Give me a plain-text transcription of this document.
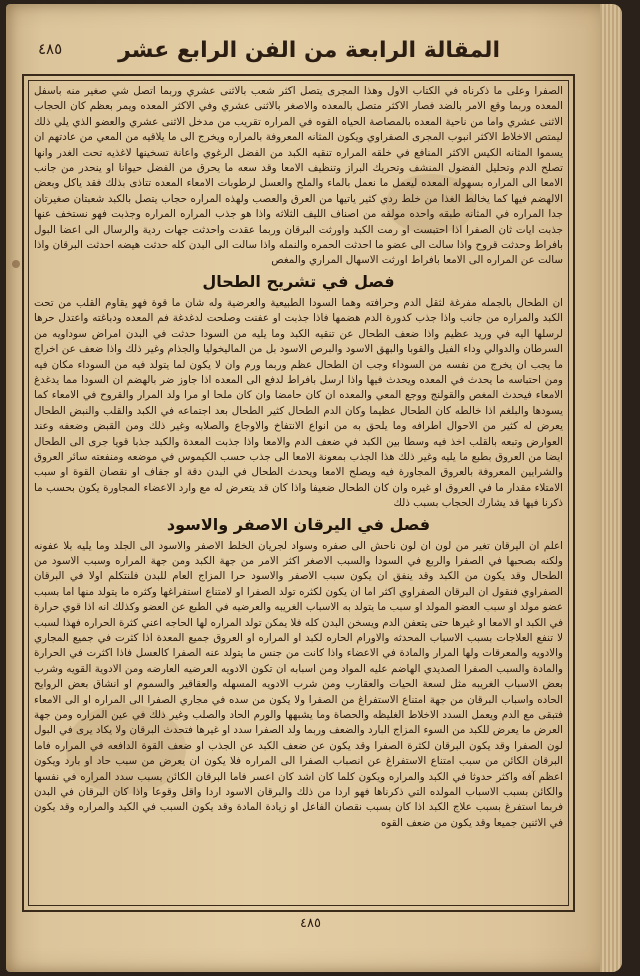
٤٨٥	المقالة الرابعة من الفن الرابع عشر

الصفرا وعلى ما ذكرناه في الكتاب الاول وهذا المجرى يتصل اكثر شعب بالاثنى عشري وربما اتصل شي صغير منه باسفل المعده وربما وقع الامر بالضد فصار الاكثر متصل بالمعده والاصغر بالاثنى عشري وفي الاكثر المعده ويمر بعظم كان الحجاب الاثنى عشري واما من ناحية المعده بالمصاصة الحياه القوه في المراره تقريب من مدخل الاثنى عشري والعضو الذي يلي ذلك ليمتص الاخلاط الاكثر انبوب المجرى الصفراوي ويكون المثانه المعروفة بالمراره ويخرج الى ما يلاقيه من المعي من عادتهم ان يسموا المثانه الكيس الاكثر المنافع في خلقه المراره تنقيه الكبد من الفضل الرغوي واعانة تسخينها لاغذيه تحت الغدر وانها تصلح الدم وتحليل الفضول المنشف وتحريك البراز وتنظيف الامعا وقد سعه ما يحرق من الفضل حيوانا او ينحدر من جانب الامعا الى المراره بسهوله المعده ليعمل ما نعمل بالماء والملح والعسل لرطوبات الامعاء المعده تتاذى بذلك فقد ياكل وبعض الالهضم فيها كما يخالط الغذا من خلط ردي كثير ياتيها من العرق والعصب ولهذه المراره حجاب يتصل بالكبد شعبتان صغيرتان جدا المراره في المثانه طبقه واحده مولفه من اصناف الليف الثلاثه واذا هو جذب المراره المراره وجذبت فهو نستخف عنها جذبت ايات ثان الصفرا اذا احتبست او رمت الكبد واورثت البرقان وربما عقدت واحدثت جهات ردية والرسال الى اعضا البول بافراط وحدثت قروح واذا سالت الى عضو ما احدثت الحمره والنمله واذا سالت الى البدن كله حدثت هيضه احدثت البرقان واذا سالت عن المراره الى الامعا بافراط اورثت الاسهال المراري والمغص

فصل في تشريح الطحال

ان الطحال بالجمله مفرغة لثقل الدم وحرافته وهما السودا الطبيعية والعرضية وله شان ما قوة فهو يقاوم القلب من تحت الكبد والمراره من جانب واذا جذب كدورة الدم هضمها فاذا جذبت او عفنت وصلحت لدغدغة فم المعده ودباغته واعتدل حرها لرسلها اليه في وريد عظيم واذا ضعف الطحال عن تنقيه الكبد وما يليه من السودا حدثت في البدن امراض سوداويه من السرطان والدوالي وداء الفيل والقوبا والبهق الاسود والبرص الاسود بل من الماليخوليا والجذام وغير ذلك واذا ضعف عن اخراج ما يجب ان يخرج من نفسه من السوداء وجب ان الطحال عظم وربما ورم وان لا يكون لما يتولد فيه من السوداء مكان فيه ومن احتباسه ما يحدث في المعده ويحدث فيها واذا ارسل بافراط لدفع الى المعده اذا جاوز ضر بالهضم ان السودا مما يدغدغ الامعاء فيحدث المغص والقولنج ووجع المعي والمعده ان كان حامضا وان كان ملحا او مرا ولد المرار والقروح في الامعاء كما يسودها والبلغم اذا خالطه كان الطحال عظيما وكان الدم الطحال كثير الطحال بعد اجتماعه في الكبد والقلب والنبض الطحال يعرض له كثير من الاحوال اطرافه وما يلحق به من انواع الانتفاخ والاوجاع والصلابه وغير ذلك ومن القبض وضعفه وعند العوارض وتبعه بالقلب اخذ فيه وسطا بين الكبد في ضعف الدم والامعا واذا جذبت المعدة والكبد جذبا قويا جرى الى الطحال ايضا من العروق بطبع ما يليه وغير ذلك هذا الجذب بمعونة الامعا الى جذب حسب الكيموس في موضعه ومنفعته سائر العروق والشرايين المعروفة بالعروق المجاورة فيه ويصلح الامعا ويحدث الطحال في البدن دقة او جفاف او نقصان القوة او سبب الامتلاء مقدار ما في العروق او غيره وان كان الطحال ضعيفا واذا كان قد يتعرض له مع وارد الاعضاء المجاورة يكون بحسب ما ذكرنا فيها قد يشارك الحجاب بسبب ذلك

فصل في اليرقان الاصفر والاسود

اعلم ان اليرقان تغير من لون ان لون ناحش الى صفره وسواد لجريان الخلط الاصفر والاسود الى الجلد وما يليه بلا عفونه ولكنه بصحبها في الصفرا والربع في السودا والسبب الاصغر اكثر الامر من جهة الكبد ومن جهة المراره وسبب الاسود من الطحال وقد يكون من الكبد وقد ينفق ان يكون سبب الاصفر والاسود حرا المزاج العام للبدن فلنتكلم اولا في البرقان الصفراوي فنقول ان البرقان الصفراوي اكثر اما ان يكون لكثره تولد الصفرا او لامتناع استفراغها وكثره ما يتولد منها اما بسبب عضو مولد او سبب العضو المولد او سبب ما يتولد به الاسباب الغريبه والعرضيه في الطبع عن العضو وكذلك انه اذا قوي حرارة في الكبد او الامعا او غيرها حتى يتعفن الدم ويسخن البدن كله فلا يمكن تولد المراره لها الحاجه اعني كثرة الحراره فهذا لسبب لا تنفع العلاجات بسبب الاسباب المحدثه والاورام الحاره لكبد او المراره او العروق جميع المعدة اذا كثرت في جميع المجاري والادويه والمعرقات ولها المرار والمادة في الاعضاء واذا كانت من جنس ما يتولد عنه الصفرا كالعسل فاذا اكثرت في الحرارة والمادة والسبب الصفرا الصديدي الهاضم عليه المواد ومن اسبابه ان تكون الادويه العرضيه العارضه ومن الادوية القويه وشرب بعض الاسباب الغريبه مثل لسعة الحيات والعقارب ومن شرب الادويه المسهله والعقاقير والسموم او انشاق بعض الروايح الحاده واسباب البرقان من جهة امتناع الاستفراغ من الصفرا ولا يكون من سده في مجاري الصفرا الى المراره او الى الامعاء فتبقى مع الدم ويعمل السدد الاخلاط الغليظه والحصاة وما يشبهها والورم الحاد والصلب وغير ذلك في عين المراره ومن جهة العرض ما يعرض للكبد من السوء المزاج البارد والضعف وربما ولد الصفرا سدد او غيرها فتحدث البرقان ولا يكاد يرى في البول لون الصفرا وقد يكون البرقان لكثرة الصفرا وقد يكون عن ضعف الكبد عن الجذب او ضعف القوة الدافعه في المراره فاما البرقان الكائن من سبب امتناع الاستفراغ عن انصباب الصفرا الى المراره فلا يكون ان يعرض من سبب حاد او بارد ويكون اعظم آفه واكثر حدوثا في الكبد والمراره ويكون كلما كان اشد كان اعسر فاما البرقان الكائن بسبب سدد المراره في نفسها والكائن بسبب الاسباب المولده التي ذكرناها فهو اردا من ذلك والبرقان الاسود اردا واقل وقوعا واذا كان البرقان في البدن فربما استفرغ بسبب علاج الكبد اذا كان بسبب نقصان الفاعل او زيادة المادة وقد يكون السبب في الكبد والمراره وقد يكون في الاثنين جميعا وقد يكون من ضعف القوه

٤٨٥
